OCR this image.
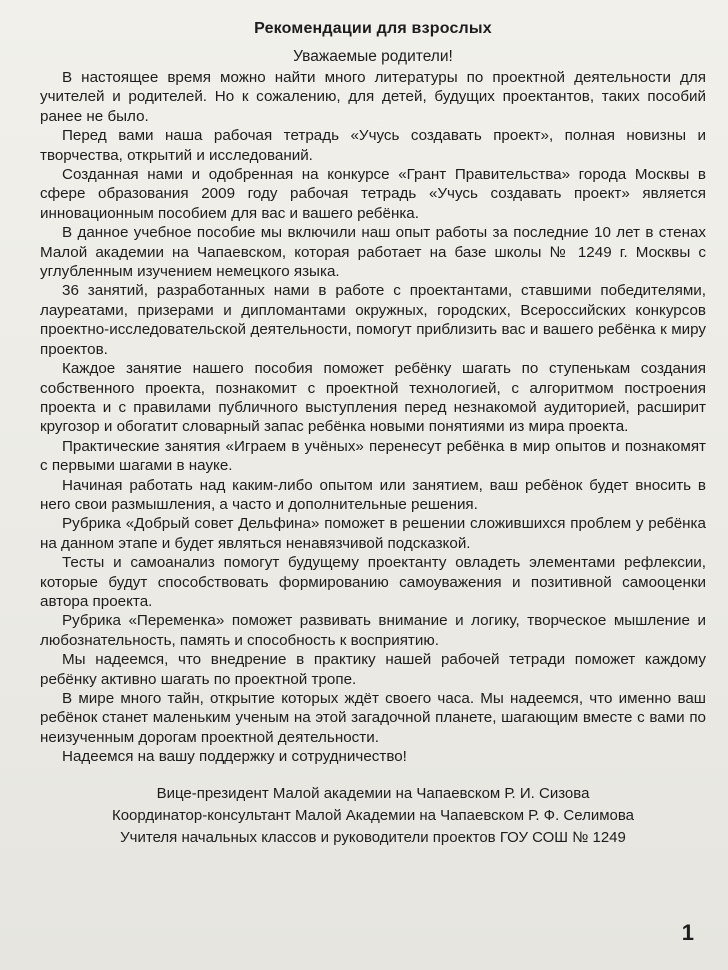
Рекомендации для взрослых
Уважаемые родители!

В настоящее время можно найти много литературы по проектной деятельности для учителей и родителей. Но к сожалению, для детей, будущих проектантов, таких пособий ранее не было.

Перед вами наша рабочая тетрадь «Учусь создавать проект», полная новизны и творчества, открытий и исследований.

Созданная нами и одобренная на конкурсе «Грант Правительства» города Москвы в сфере образования 2009 году рабочая тетрадь «Учусь создавать проект» является инновационным пособием для вас и вашего ребёнка.

В данное учебное пособие мы включили наш опыт работы за последние 10 лет в стенах Малой академии на Чапаевском, которая работает на базе школы № 1249 г. Москвы с углубленным изучением немецкого языка.

36 занятий, разработанных нами в работе с проектантами, ставшими победителями, лауреатами, призерами и дипломантами окружных, городских, Всероссийских конкурсов проектно-исследовательской деятельности, помогут приблизить вас и вашего ребёнка к миру проектов.

Каждое занятие нашего пособия поможет ребёнку шагать по ступенькам создания собственного проекта, познакомит с проектной технологией, с алгоритмом построения проекта и с правилами публичного выступления перед незнакомой аудиторией, расширит кругозор и обогатит словарный запас ребёнка новыми понятиями из мира проекта.

Практические занятия «Играем в учёных» перенесут ребёнка в мир опытов и познакомят с первыми шагами в науке.

Начиная работать над каким-либо опытом или занятием, ваш ребёнок будет вносить в него свои размышления, а часто и дополнительные решения.

Рубрика «Добрый совет Дельфина» поможет в решении сложившихся проблем у ребёнка на данном этапе и будет являться ненавязчивой подсказкой.

Тесты и самоанализ помогут будущему проектанту овладеть элементами рефлексии, которые будут способствовать формированию самоуважения и позитивной самооценки автора проекта.

Рубрика «Переменка» поможет развивать внимание и логику, творческое мышление и любознательность, память и способность к восприятию.

Мы надеемся, что внедрение в практику нашей рабочей тетради поможет каждому ребёнку активно шагать по проектной тропе.

В мире много тайн, открытие которых ждёт своего часа. Мы надеемся, что именно ваш ребёнок станет маленьким ученым на этой загадочной планете, шагающим вместе с вами по неизученным дорогам проектной деятельности.

Надеемся на вашу поддержку и сотрудничество!

Вице-президент Малой академии на Чапаевском Р. И. Сизова
Координатор-консультант Малой Академии на Чапаевском Р. Ф. Селимова
Учителя начальных классов и руководители проектов ГОУ СОШ № 1249
1
